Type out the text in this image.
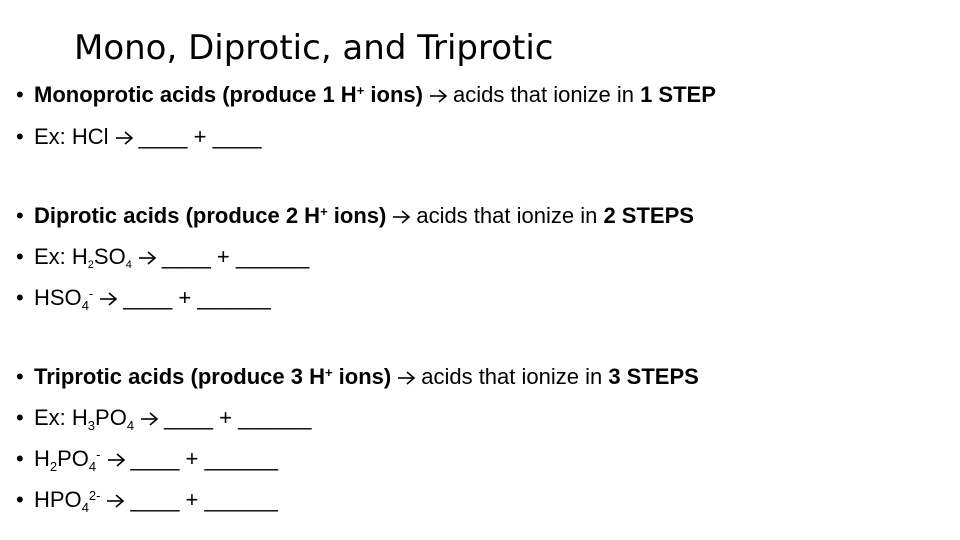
Mono, Diprotic, and Triprotic
• Monoprotic acids (produce 1 H+ ions) acids that ionize in 1 STEP
• Ex: HCl ____ + ____
• Diprotic acids (produce 2 H+ ions) acids that ionize in 2 STEPS
• Ex: $H_2SO_4$ ____ + ______
• $HSO_4^-$ ____ + ______
• Triprotic acids (produce 3 H+ ions) acids that ionize in 3 STEPS
• Ex: $H_3PO_4$ ____ + ______
• $H_2PO_4^-$ ____ + ______
• $HPO_4^{2-}$ ____ + ______
